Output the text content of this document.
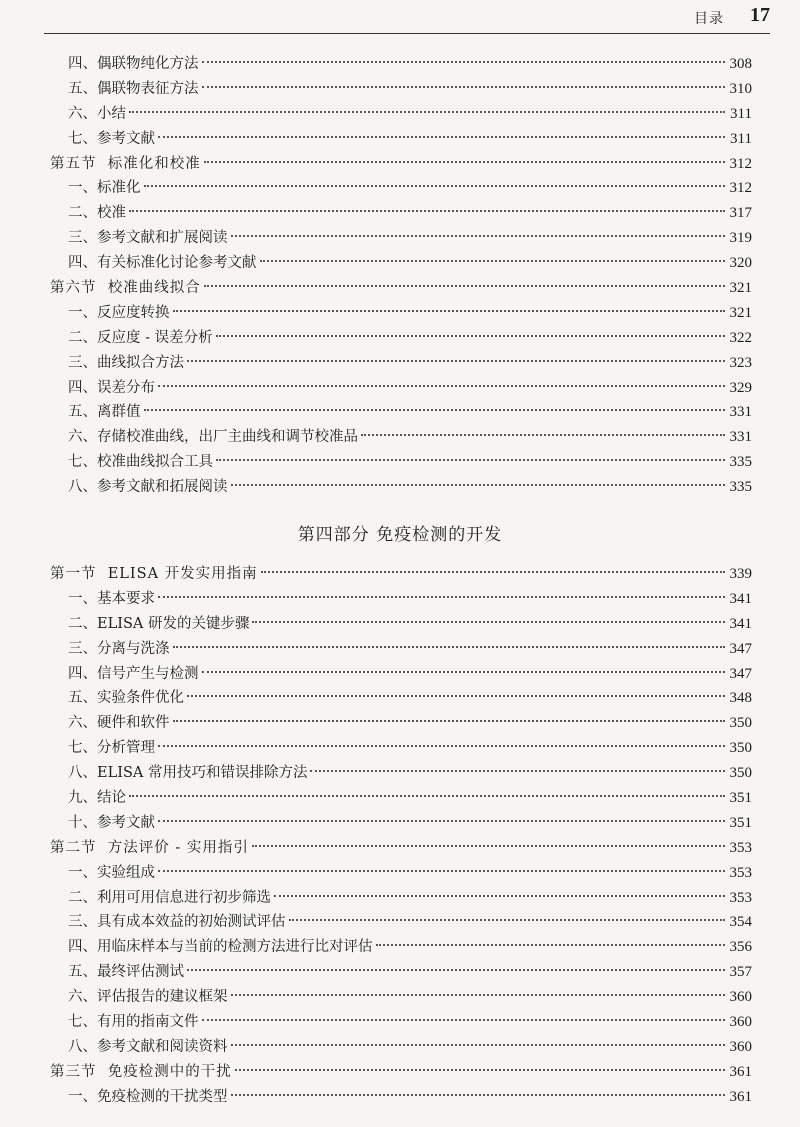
目录 17
四、偶联物纯化方法	308
五、偶联物表征方法	310
六、小结	311
七、参考文献	311
第五节  标准化和校准	312
一、标准化	312
二、校准	317
三、参考文献和扩展阅读	319
四、有关标准化讨论参考文献	320
第六节  校准曲线拟合	321
一、反应度转换	321
二、反应度 - 误差分析	322
三、曲线拟合方法	323
四、误差分布	329
五、离群值	331
六、存储校准曲线，出厂主曲线和调节校准品	331
七、校准曲线拟合工具	335
八、参考文献和拓展阅读	335
第四部分 免疫检测的开发
第一节  ELISA 开发实用指南	339
一、基本要求	341
二、ELISA 研发的关键步骤	341
三、分离与洗涤	347
四、信号产生与检测	347
五、实验条件优化	348
六、硬件和软件	350
七、分析管理	350
八、ELISA 常用技巧和错误排除方法	350
九、结论	351
十、参考文献	351
第二节  方法评价 - 实用指引	353
一、实验组成	353
二、利用可用信息进行初步筛选	353
三、具有成本效益的初始测试评估	354
四、用临床样本与当前的检测方法进行比对评估	356
五、最终评估测试	357
六、评估报告的建议框架	360
七、有用的指南文件	360
八、参考文献和阅读资料	360
第三节  免疫检测中的干扰	361
一、免疫检测的干扰类型	361
